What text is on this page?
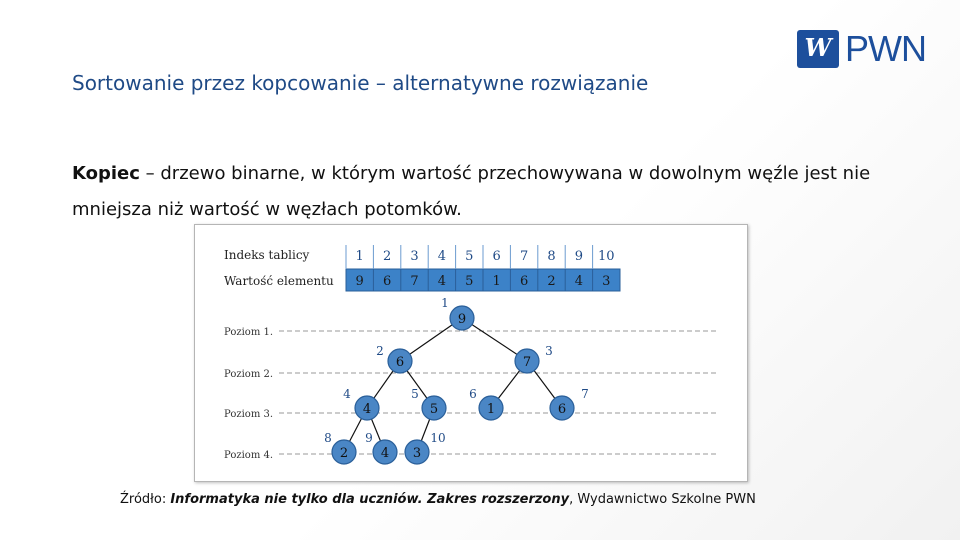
W PWN
Sortowanie przez kopcowanie – alternatywne rozwiązanie
Kopiec – drzewo binarne, w którym wartość przechowywana w dowolnym węźle jest nie mniejsza niż wartość w węzłach potomków.
Indeks tablicy
Wartość elementu
1
9
2
6
3
7
4
4
5
5
6
1
7
6
8
2
9
4
10
3
Poziom 1.
Poziom 2.
Poziom 3.
Poziom 4.
9
1
6
2
7
3
4
4
5
5
1
6
6
7
2
8
4
9
3
10
Źródło: Informatyka nie tylko dla uczniów. Zakres rozszerzony, Wydawnictwo Szkolne PWN
